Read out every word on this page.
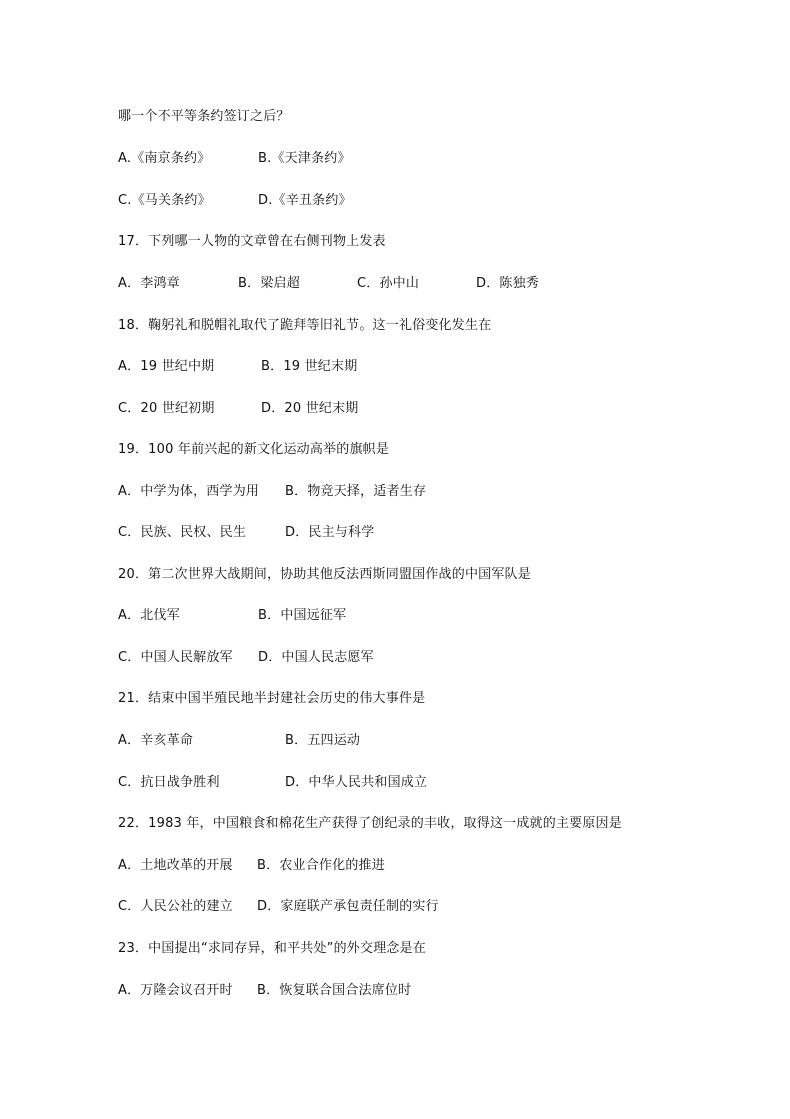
哪一个不平等条约签订之后？

A.《南京条约》

	B.《天津条约》

C.《马关条约》

	D.《辛丑条约》

17．下列哪一人物的文章曾在右侧刊物上发表

A．李鸿章

	B．梁启超

	C．孙中山

	D．陈独秀

18．鞠躬礼和脱帽礼取代了跪拜等旧礼节。这一礼俗变化发生在

A．19 世纪中期

	B．19 世纪末期

C．20 世纪初期

	D．20 世纪末期

19．100 年前兴起的新文化运动高举的旗帜是

A．中学为体，西学为用

B．物竞天择，适者生存

C．民族、民权、民生

	D．民主与科学

20．第二次世界大战期间，协助其他反法西斯同盟国作战的中国军队是

A．北伐军

	B．中国远征军

C．中国人民解放军

D．中国人民志愿军

21．结束中国半殖民地半封建社会历史的伟大事件是

A．辛亥革命

	B．五四运动

C．抗日战争胜利

	D．中华人民共和国成立

22．1983 年，中国粮食和棉花生产获得了创纪录的丰收，取得这一成就的主要原因是

A．土地改革的开展

B．农业合作化的推进

C．人民公社的建立

D．家庭联产承包责任制的实行

23．中国提出“求同存异，和平共处”的外交理念是在

A．万隆会议召开时

B．恢复联合国合法席位时
